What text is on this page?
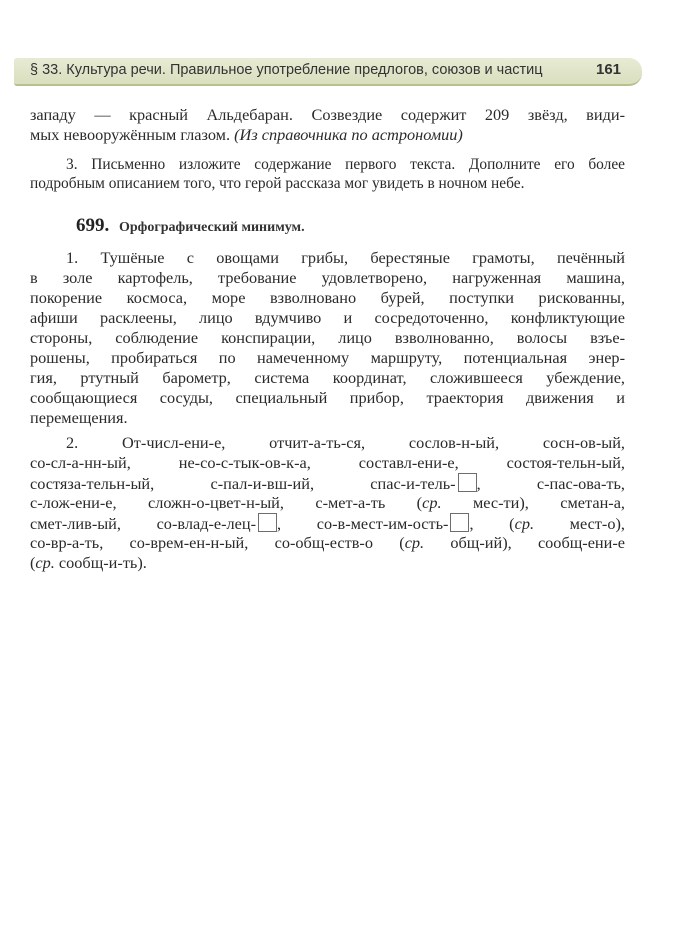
§ 33. Культура речи. Правильное употребление предлогов, союзов и частиц	161
западу — красный Альдебаран. Созвездие содержит 209 звёзд, види-
мых невооружённым глазом. (Из справочника по астрономии)
3. Письменно изложите содержание первого текста. Дополните его более
подробным описанием того, что герой рассказа мог увидеть в ночном небе.
699. Орфографический минимум.
1. Тушёные с овощами грибы, берестяные грамоты, печённый
в золе картофель, требование удовлетворено, нагруженная машина,
покорение космоса, море взволновано бурей, поступки рискованны,
афиши расклеены, лицо вдумчиво и сосредоточенно, конфликтующие
стороны, соблюдение конспирации, лицо взволнованно, волосы взъе-
рошены, пробираться по намеченному маршруту, потенциальная энер-
гия, ртутный барометр, система координат, сложившееся убеждение,
сообщающиеся сосуды, специальный прибор, траектория движения и
перемещения.
2. От-числ-ени-е, отчит-а-ть-ся, сослов-н-ый, сосн-ов-ый,
со-сл-а-нн-ый, не-со-с-тык-ов-к-а, составл-ени-е, состоя-тельн-ый,
состяза-тельн-ый, с-пал-и-вш-ий, спас-и-тель- , с-пас-ова-ть,
с-лож-ени-е, сложн-о-цвет-н-ый, с-мет-а-ть (ср. мес-ти), сметан-а,
смет-лив-ый, со-влад-е-лец- , со-в-мест-им-ость- , (ср. мест-о),
со-вр-а-ть, со-врем-ен-н-ый, со-общ-еств-о (ср. общ-ий), сообщ-ени-е
(ср. сообщ-и-ть).
